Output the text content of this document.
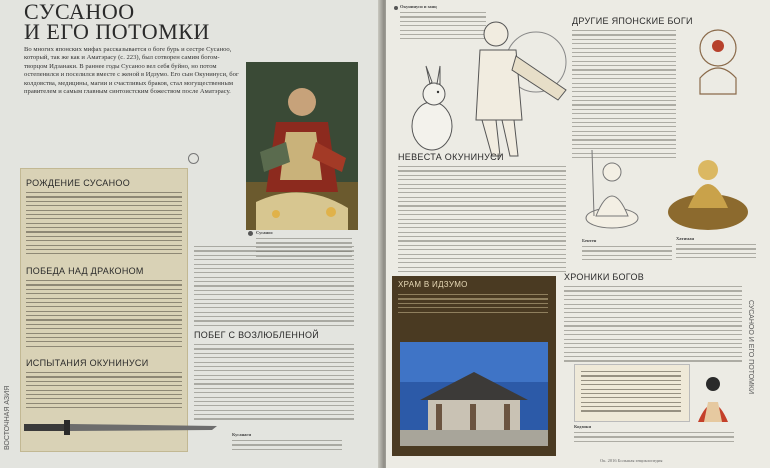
СУСАНОО
И ЕГО ПОТОМКИ
Во многих японских мифах рассказывается о боге бурь и сестре Сусаноо, который, так же как и Аматэрасу (с. 223), был сотворен самим богом-творцом Идзанаки. В раннее годы Сусаноо вел себя буйно, но потом остепенился и поселился вместе с женой в Идзумо. Его сын Окунинуси, бог колдовства, медицины, магии и счастливых браков, стал могущественным правителем и самым главным синтоистским божеством после Аматэрасу.
Сусаноо
РОЖДЕНИЕ СУСАНОО
ПОБЕДА НАД ДРАКОНОМ
ИСПЫТАНИЯ ОКУНИНУСИ
ПОБЕГ С ВОЗЛЮБЛЕННОЙ
Кусанаги
ВОСТОЧНАЯ АЗИЯ
Окунинуси и заяц
НЕВЕСТА ОКУНИНУСИ
ДРУГИЕ ЯПОНСКИЕ БОГИ
Бентен	Хатиман
ХРАМ В ИДЗУМО
ХРОНИКИ БОГОВ
Кодзики
Ок. 2016 Большая энциклопедия
СУСАНОО И ЕГО ПОТОМКИ
